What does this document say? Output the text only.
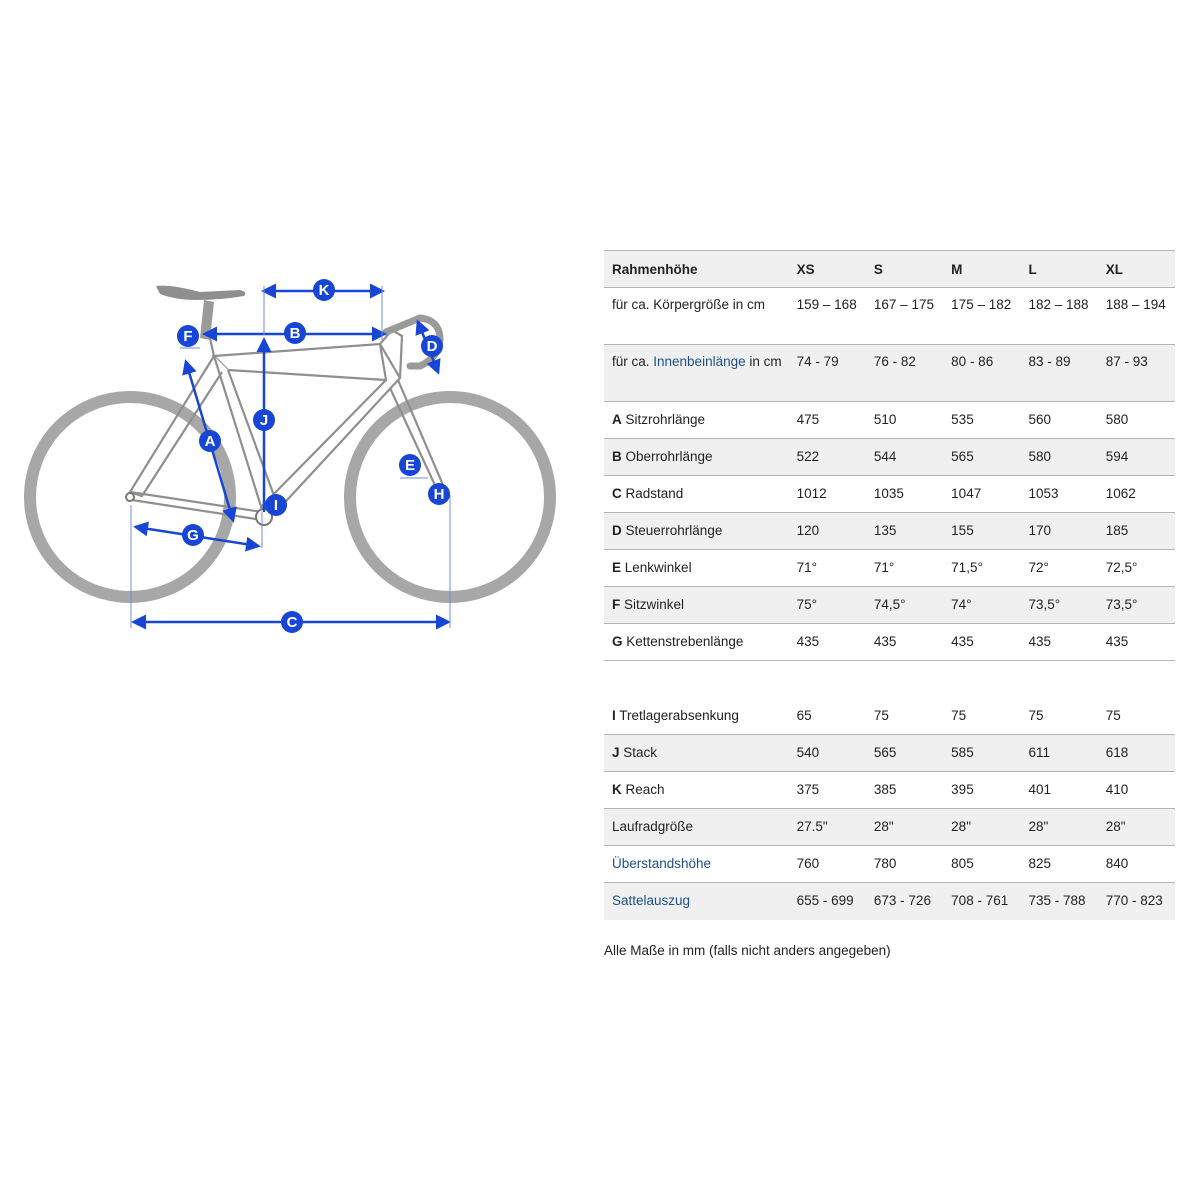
K
B
F
D
J
A
E
H
I
G
C
Rahmenhöhe	XS	S	M	L	XL
für ca. Körpergröße in cm	159 – 168	167 – 175	175 – 182	182 – 188	188 – 194
für ca. Innenbeinlänge in cm	74 - 79	76 - 82	80 - 86	83 - 89	87 - 93
A Sitzrohrlänge	475	510	535	560	580
B Oberrohrlänge	522	544	565	580	594
C Radstand	1012	1035	1047	1053	1062
D Steuerrohrlänge	120	135	155	170	185
E Lenkwinkel	71°	71°	71,5°	72°	72,5°
F Sitzwinkel	75°	74,5°	74°	73,5°	73,5°
G Kettenstrebenlänge	435	435	435	435	435

I Tretlagerabsenkung	65	75	75	75	75
J Stack	540	565	585	611	618
K Reach	375	385	395	401	410
Laufradgröße	27.5"	28"	28"	28"	28"
Überstandshöhe	760	780	805	825	840
Sattelauszug	655 - 699	673 - 726	708 - 761	735 - 788	770 - 823
Alle Maße in mm (falls nicht anders angegeben)
